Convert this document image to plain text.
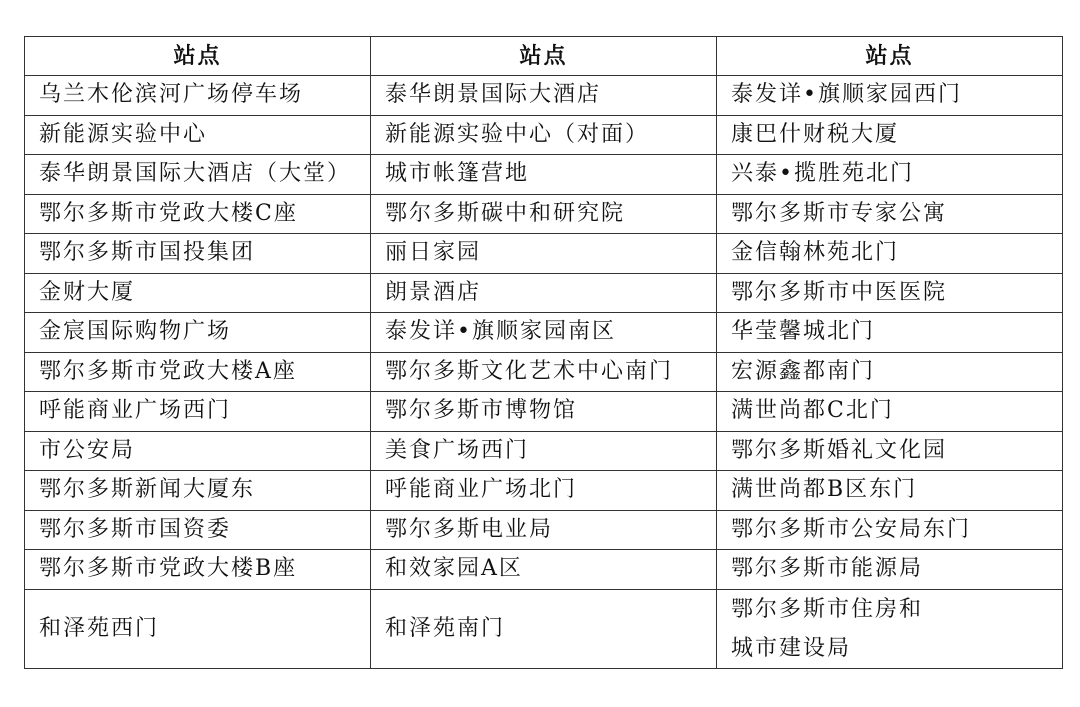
站点	站点	站点
乌兰木伦滨河广场停车场	泰华朗景国际大酒店	泰发详•旗顺家园西门
新能源实验中心	新能源实验中心（对面）	康巴什财税大厦
泰华朗景国际大酒店（大堂）	城市帐篷营地	兴泰•揽胜苑北门
鄂尔多斯市党政大楼C座	鄂尔多斯碳中和研究院	鄂尔多斯市专家公寓
鄂尔多斯市国投集团	丽日家园	金信翰林苑北门
金财大厦	朗景酒店	鄂尔多斯市中医医院
金宸国际购物广场	泰发详•旗顺家园南区	华莹馨城北门
鄂尔多斯市党政大楼A座	鄂尔多斯文化艺术中心南门	宏源鑫都南门
呼能商业广场西门	鄂尔多斯市博物馆	满世尚都C北门
市公安局	美食广场西门	鄂尔多斯婚礼文化园
鄂尔多斯新闻大厦东	呼能商业广场北门	满世尚都B区东门
鄂尔多斯市国资委	鄂尔多斯电业局	鄂尔多斯市公安局东门
鄂尔多斯市党政大楼B座	和效家园A区	鄂尔多斯市能源局
和泽苑西门	和泽苑南门	鄂尔多斯市住房和
城市建设局
